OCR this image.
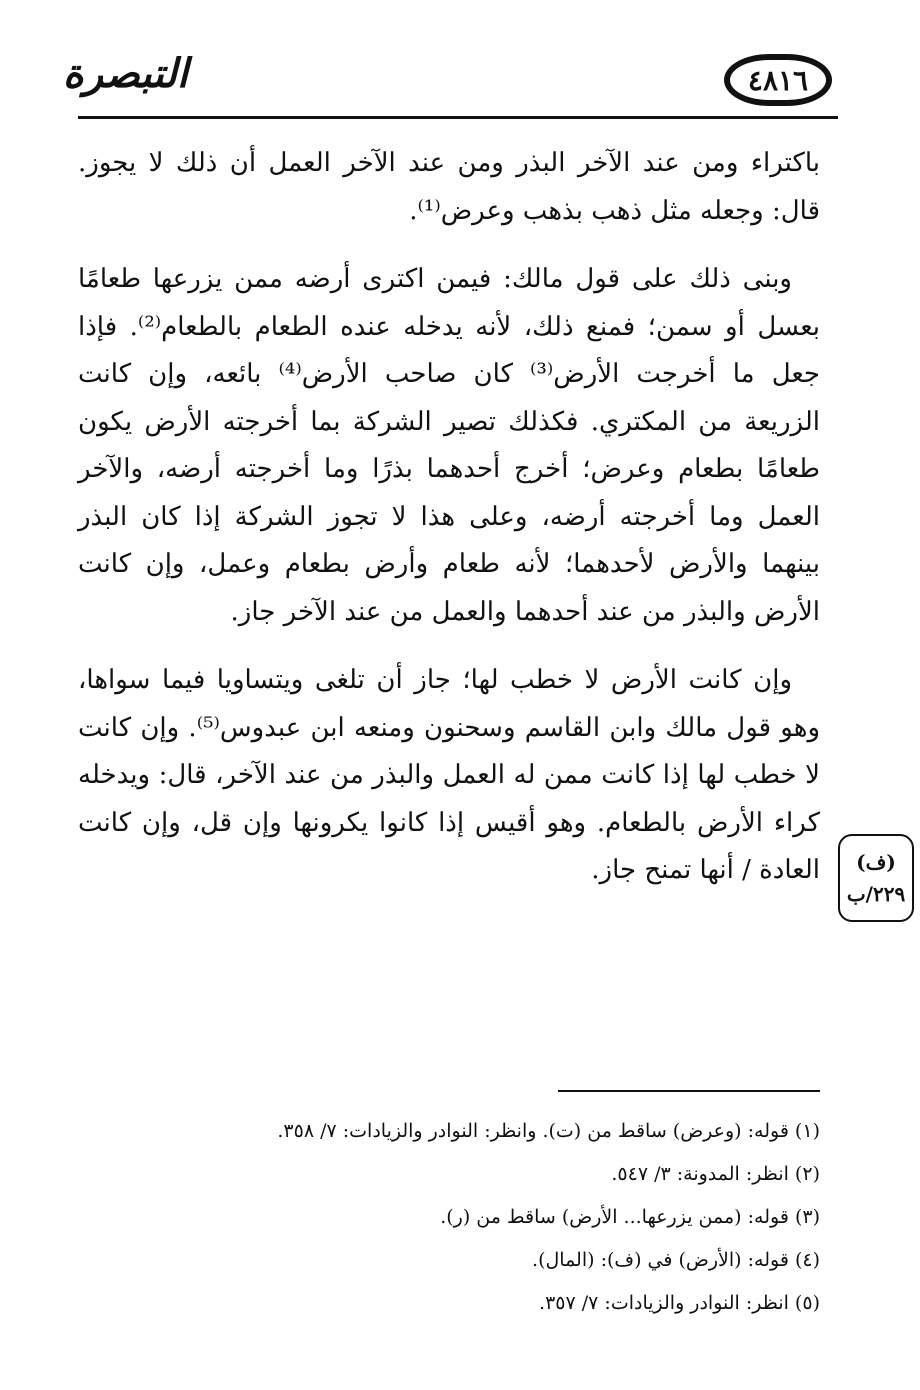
٤٨١٦
التبصرة

باكتراء ومن عند الآخر البذر ومن عند الآخر العمل أن ذلك لا يجوز. قال: وجعله مثل ذهب بذهب وعرض⁽¹⁾.

وبنى ذلك على قول مالك: فيمن اكترى أرضه ممن يزرعها طعامًا بعسل أو سمن؛ فمنع ذلك، لأنه يدخله عنده الطعام بالطعام⁽²⁾. فإذا جعل ما أخرجت الأرض⁽³⁾ كان صاحب الأرض⁽⁴⁾ بائعه، وإن كانت الزريعة من المكتري. فكذلك تصير الشركة بما أخرجته الأرض يكون طعامًا بطعام وعرض؛ أخرج أحدهما بذرًا وما أخرجته أرضه، والآخر العمل وما أخرجته أرضه، وعلى هذا لا تجوز الشركة إذا كان البذر بينهما والأرض لأحدهما؛ لأنه طعام وأرض بطعام وعمل، وإن كانت الأرض والبذر من عند أحدهما والعمل من عند الآخر جاز.

وإن كانت الأرض لا خطب لها؛ جاز أن تلغى ويتساويا فيما سواها، وهو قول مالك وابن القاسم وسحنون ومنعه ابن عبدوس⁽⁵⁾. وإن كانت لا خطب لها إذا كانت ممن له العمل والبذر من عند الآخر، قال: ويدخله كراء الأرض بالطعام. وهو أقيس إذا كانوا يكرونها وإن قل، وإن كانت العادة / أنها تمنح جاز. (ف)
٢٢٩/ب

(١) قوله: (وعرض) ساقط من (ت). وانظر: النوادر والزيادات: ٧/ ٣٥٨.

(٢) انظر: المدونة: ٣/ ٥٤٧.

(٣) قوله: (ممن يزرعها... الأرض) ساقط من (ر).

(٤) قوله: (الأرض) في (ف): (المال).

(٥) انظر: النوادر والزيادات: ٧/ ٣٥٧.
